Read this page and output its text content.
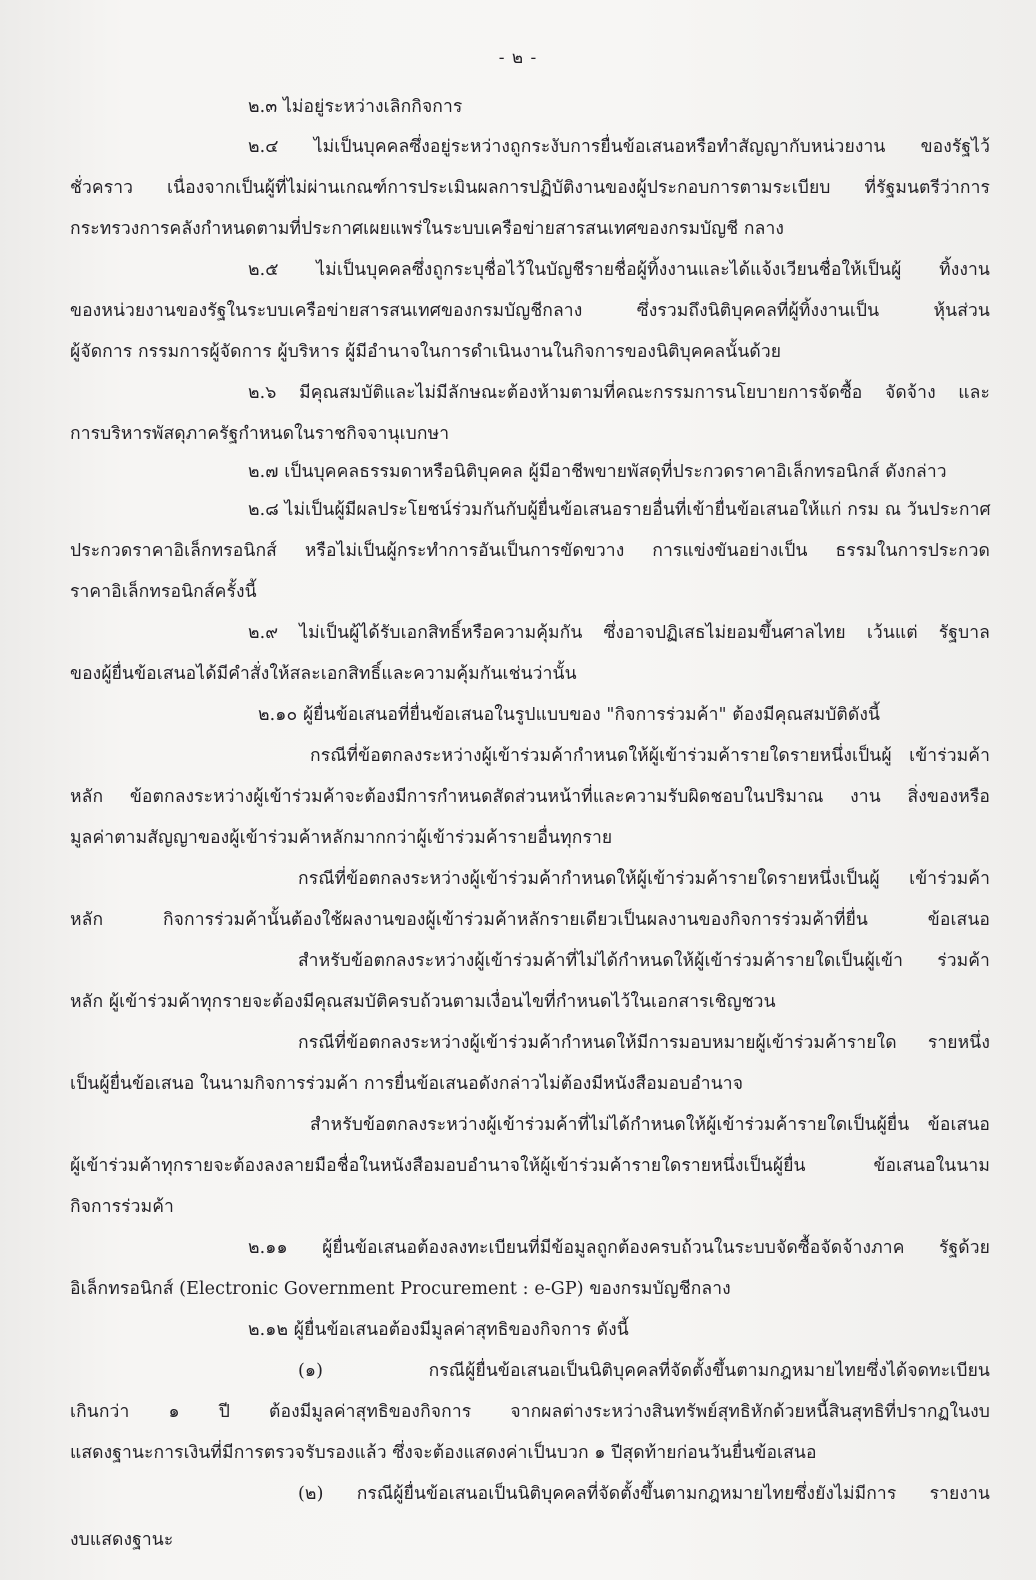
- ๒ -
๒.๓ ไม่อยู่ระหว่างเลิกกิจการ
๒.๔ ไม่เป็นบุคคลซึ่งอยู่ระหว่างถูกระงับการยื่นข้อเสนอหรือทำสัญญากับหน่วยงาน ของรัฐไว้
ชั่วคราว เนื่องจากเป็นผู้ที่ไม่ผ่านเกณฑ์การประเมินผลการปฏิบัติงานของผู้ประกอบการตามระเบียบ ที่รัฐมนตรีว่าการ
กระทรวงการคลังกำหนดตามที่ประกาศเผยแพร่ในระบบเครือข่ายสารสนเทศของกรมบัญชี กลาง
๒.๕ ไม่เป็นบุคคลซึ่งถูกระบุชื่อไว้ในบัญชีรายชื่อผู้ทิ้งงานและได้แจ้งเวียนชื่อให้เป็นผู้ ทิ้งงาน
ของหน่วยงานของรัฐในระบบเครือข่ายสารสนเทศของกรมบัญชีกลาง ซึ่งรวมถึงนิติบุคคลที่ผู้ทิ้งงานเป็น หุ้นส่วน
ผู้จัดการ กรรมการผู้จัดการ ผู้บริหาร ผู้มีอำนาจในการดำเนินงานในกิจการของนิติบุคคลนั้นด้วย
๒.๖ มีคุณสมบัติและไม่มีลักษณะต้องห้ามตามที่คณะกรรมการนโยบายการจัดซื้อ จัดจ้าง และ
การบริหารพัสดุภาครัฐกำหนดในราชกิจจานุเบกษา
๒.๗ เป็นบุคคลธรรมดาหรือนิติบุคคล ผู้มีอาชีพขายพัสดุที่ประกวดราคาอิเล็กทรอนิกส์ ดังกล่าว
๒.๘ ไม่เป็นผู้มีผลประโยชน์ร่วมกันกับผู้ยื่นข้อเสนอรายอื่นที่เข้ายื่นข้อเสนอให้แก่ กรม ณ วันประกาศ
ประกวดราคาอิเล็กทรอนิกส์ หรือไม่เป็นผู้กระทำการอันเป็นการขัดขวาง การแข่งขันอย่างเป็น ธรรมในการประกวด
ราคาอิเล็กทรอนิกส์ครั้งนี้
๒.๙ ไม่เป็นผู้ได้รับเอกสิทธิ์หรือความคุ้มกัน ซึ่งอาจปฏิเสธไม่ยอมขึ้นศาลไทย เว้นแต่ รัฐบาล
ของผู้ยื่นข้อเสนอได้มีคำสั่งให้สละเอกสิทธิ์และความคุ้มกันเช่นว่านั้น
๒.๑๐ ผู้ยื่นข้อเสนอที่ยื่นข้อเสนอในรูปแบบของ "กิจการร่วมค้า" ต้องมีคุณสมบัติดังนี้
กรณีที่ข้อตกลงระหว่างผู้เข้าร่วมค้ากำหนดให้ผู้เข้าร่วมค้ารายใดรายหนึ่งเป็นผู้ เข้าร่วมค้า
หลัก ข้อตกลงระหว่างผู้เข้าร่วมค้าจะต้องมีการกำหนดสัดส่วนหน้าที่และความรับผิดชอบในปริมาณ งาน สิ่งของหรือ
มูลค่าตามสัญญาของผู้เข้าร่วมค้าหลักมากกว่าผู้เข้าร่วมค้ารายอื่นทุกราย
กรณีที่ข้อตกลงระหว่างผู้เข้าร่วมค้ากำหนดให้ผู้เข้าร่วมค้ารายใดรายหนึ่งเป็นผู้ เข้าร่วมค้า
หลัก กิจการร่วมค้านั้นต้องใช้ผลงานของผู้เข้าร่วมค้าหลักรายเดียวเป็นผลงานของกิจการร่วมค้าที่ยื่น ข้อเสนอ
สำหรับข้อตกลงระหว่างผู้เข้าร่วมค้าที่ไม่ได้กำหนดให้ผู้เข้าร่วมค้ารายใดเป็นผู้เข้า ร่วมค้า
หลัก ผู้เข้าร่วมค้าทุกรายจะต้องมีคุณสมบัติครบถ้วนตามเงื่อนไขที่กำหนดไว้ในเอกสารเชิญชวน
กรณีที่ข้อตกลงระหว่างผู้เข้าร่วมค้ากำหนดให้มีการมอบหมายผู้เข้าร่วมค้ารายใด รายหนึ่ง
เป็นผู้ยื่นข้อเสนอ ในนามกิจการร่วมค้า การยื่นข้อเสนอดังกล่าวไม่ต้องมีหนังสือมอบอำนาจ
สำหรับข้อตกลงระหว่างผู้เข้าร่วมค้าที่ไม่ได้กำหนดให้ผู้เข้าร่วมค้ารายใดเป็นผู้ยื่น ข้อเสนอ
ผู้เข้าร่วมค้าทุกรายจะต้องลงลายมือชื่อในหนังสือมอบอำนาจให้ผู้เข้าร่วมค้ารายใดรายหนึ่งเป็นผู้ยื่น ข้อเสนอในนาม
กิจการร่วมค้า
๒.๑๑ ผู้ยื่นข้อเสนอต้องลงทะเบียนที่มีข้อมูลถูกต้องครบถ้วนในระบบจัดซื้อจัดจ้างภาค รัฐด้วย
อิเล็กทรอนิกส์ (Electronic Government Procurement : e-GP) ของกรมบัญชีกลาง
๒.๑๒ ผู้ยื่นข้อเสนอต้องมีมูลค่าสุทธิของกิจการ ดังนี้
(๑) กรณีผู้ยื่นข้อเสนอเป็นนิติบุคคลที่จัดตั้งขึ้นตามกฎหมายไทยซึ่งได้จดทะเบียน
เกินกว่า ๑ ปี ต้องมีมูลค่าสุทธิของกิจการ จากผลต่างระหว่างสินทรัพย์สุทธิหักด้วยหนี้สินสุทธิที่ปรากฏในงบ
แสดงฐานะการเงินที่มีการตรวจรับรองแล้ว ซึ่งจะต้องแสดงค่าเป็นบวก ๑ ปีสุดท้ายก่อนวันยื่นข้อเสนอ
(๒) กรณีผู้ยื่นข้อเสนอเป็นนิติบุคคลที่จัดตั้งขึ้นตามกฎหมายไทยซึ่งยังไม่มีการ รายงาน
งบแสดงฐานะ
